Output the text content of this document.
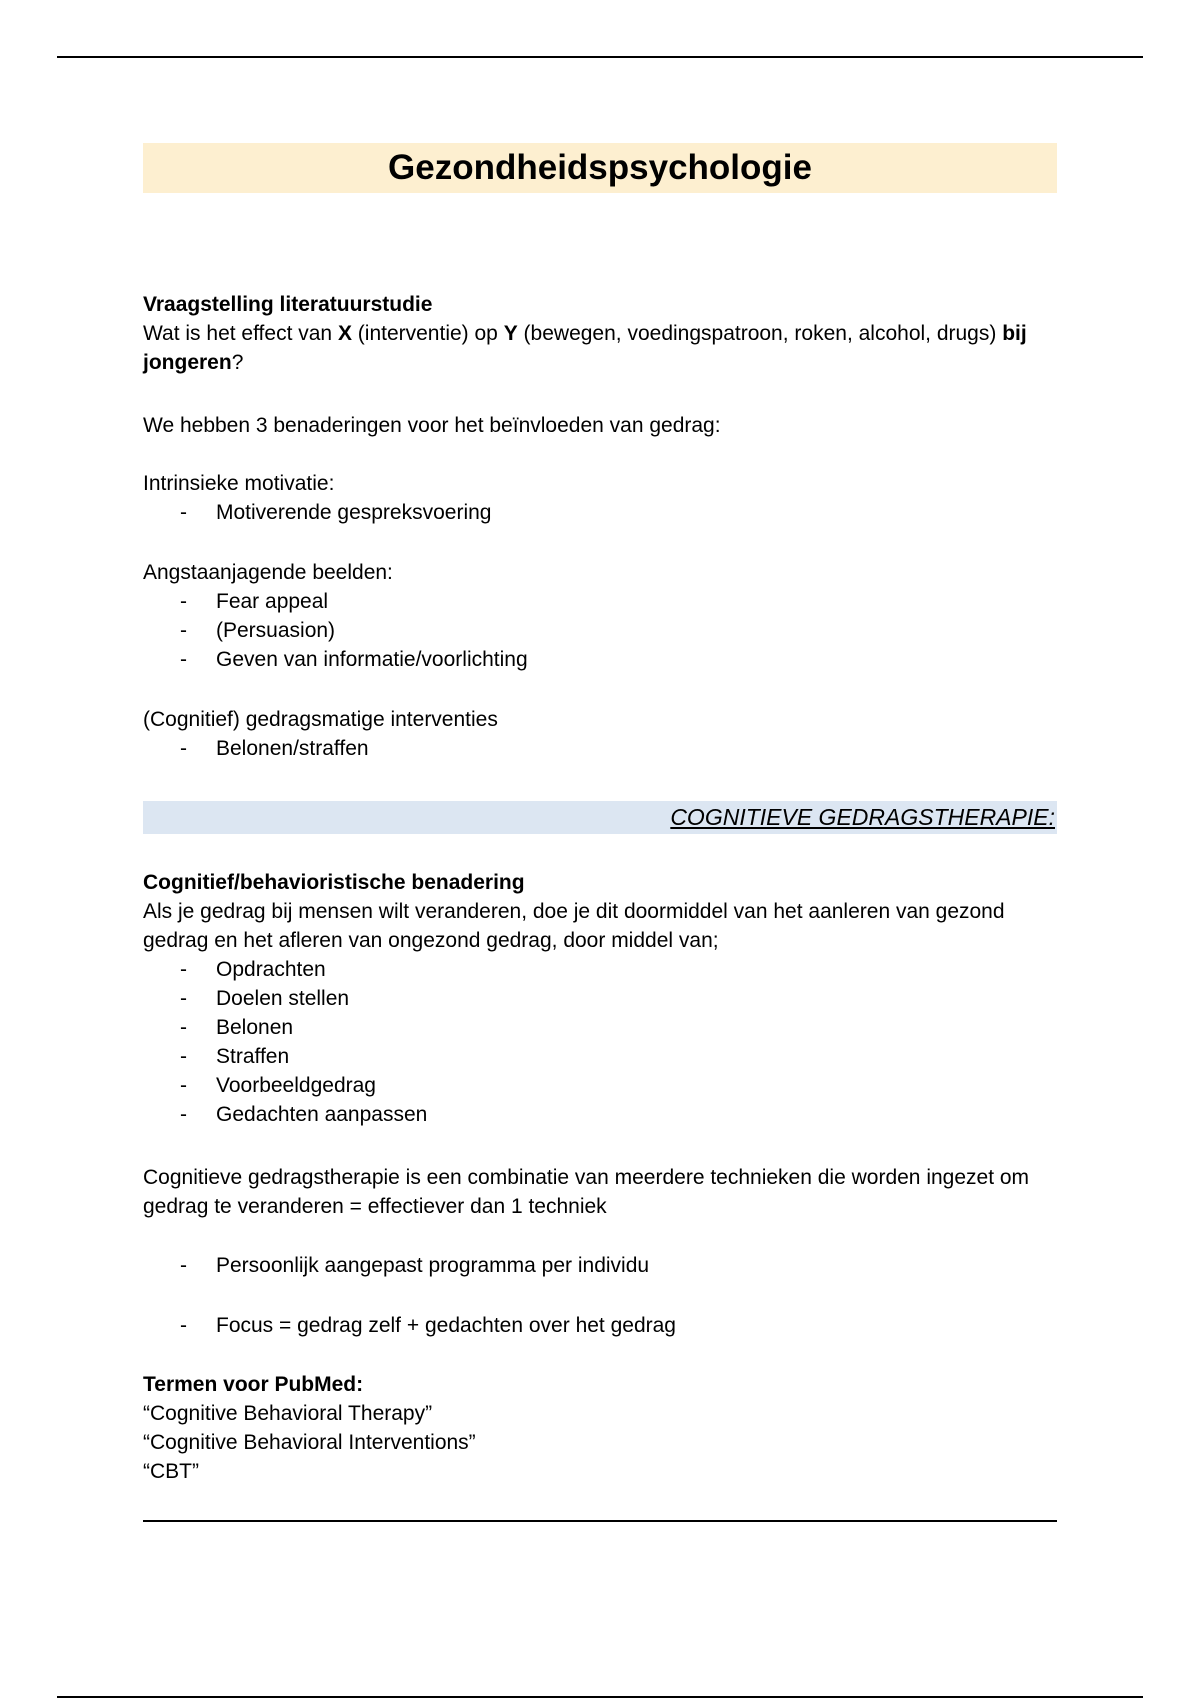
Gezondheidspsychologie

Vraagstelling literatuurstudie

Wat is het effect van X (interventie) op Y (bewegen, voedingspatroon, roken, alcohol, drugs) bij jongeren?

We hebben 3 benaderingen voor het beïnvloeden van gedrag:

Intrinsieke motivatie:

- Motiverende gespreksvoering

Angstaanjagende beelden:

- Fear appeal
- (Persuasion)
- Geven van informatie/voorlichting

(Cognitief) gedragsmatige interventies

- Belonen/straffen
COGNITIEVE GEDRAGSTHERAPIE:

Cognitief/behavioristische benadering

Als je gedrag bij mensen wilt veranderen, doe je dit doormiddel van het aanleren van gezond gedrag en het afleren van ongezond gedrag, door middel van;

- Opdrachten
- Doelen stellen
- Belonen
- Straffen
- Voorbeeldgedrag
- Gedachten aanpassen

Cognitieve gedragstherapie is een combinatie van meerdere technieken die worden ingezet om gedrag te veranderen = effectiever dan 1 techniek

- Persoonlijk aangepast programma per individu
- Focus = gedrag zelf + gedachten over het gedrag

Termen voor PubMed:

“Cognitive Behavioral Therapy”

“Cognitive Behavioral Interventions”

“CBT”
